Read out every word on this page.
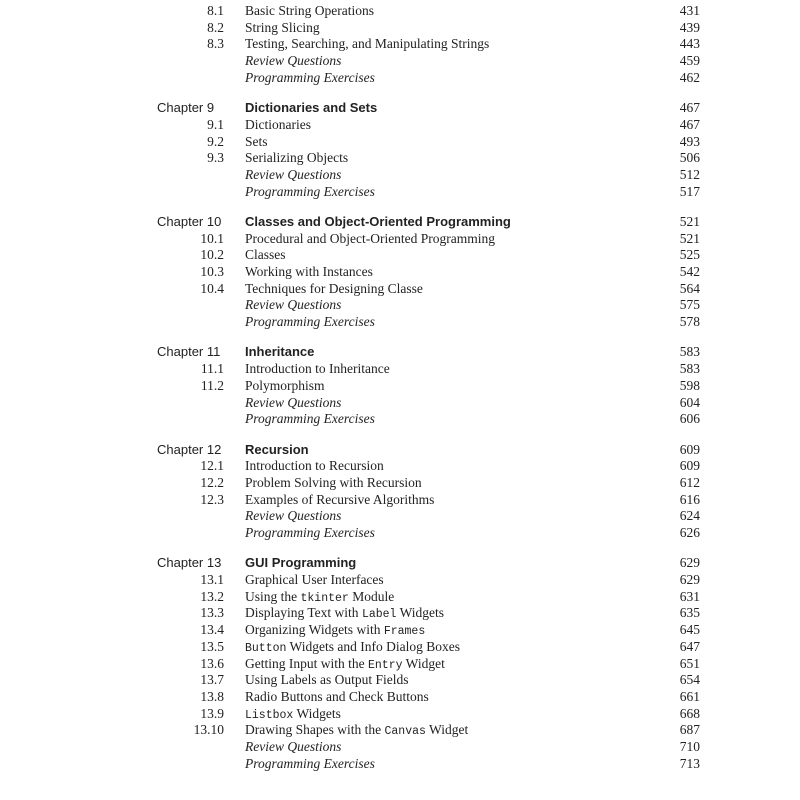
8.1 Basic String Operations	431
8.2 String Slicing	439
8.3 Testing, Searching, and Manipulating Strings	443
Review Questions	459
Programming Exercises	462
Chapter 9 Dictionaries and Sets	467
9.1 Dictionaries	467
9.2 Sets	493
9.3 Serializing Objects	506
Review Questions	512
Programming Exercises	517
Chapter 10 Classes and Object-Oriented Programming	521
10.1 Procedural and Object-Oriented Programming	521
10.2 Classes	525
10.3 Working with Instances	542
10.4 Techniques for Designing Classe	564
Review Questions	575
Programming Exercises	578
Chapter 11 Inheritance	583
11.1 Introduction to Inheritance	583
11.2 Polymorphism	598
Review Questions	604
Programming Exercises	606
Chapter 12 Recursion	609
12.1 Introduction to Recursion	609
12.2 Problem Solving with Recursion	612
12.3 Examples of Recursive Algorithms	616
Review Questions	624
Programming Exercises	626
Chapter 13 GUI Programming	629
13.1 Graphical User Interfaces	629
13.2 Using the tkinter Module	631
13.3 Displaying Text with Label Widgets	635
13.4 Organizing Widgets with Frames	645
13.5 Button Widgets and Info Dialog Boxes	647
13.6 Getting Input with the Entry Widget	651
13.7 Using Labels as Output Fields	654
13.8 Radio Buttons and Check Buttons	661
13.9 Listbox Widgets	668
13.10 Drawing Shapes with the Canvas Widget	687
Review Questions	710
Programming Exercises	713
